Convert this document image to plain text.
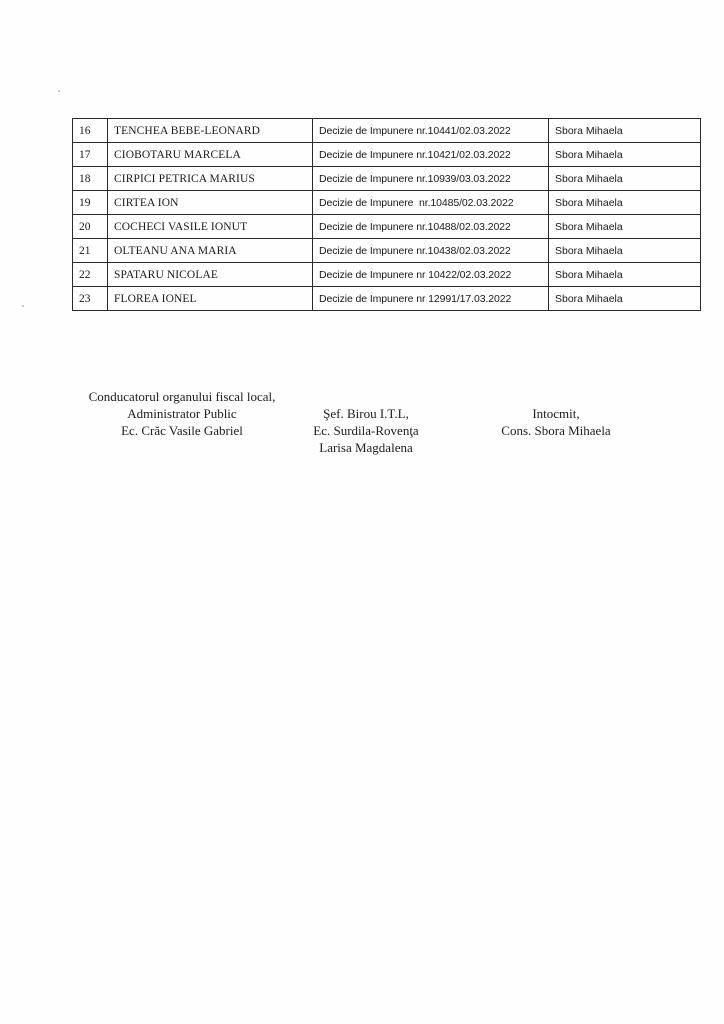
16	TENCHEA BEBE-LEONARD	Decizie de Impunere nr.10441/02.03.2022	Sbora Mihaela
17	CIOBOTARU MARCELA	Decizie de Impunere nr.10421/02.03.2022	Sbora Mihaela
18	CIRPICI PETRICA MARIUS	Decizie de Impunere nr.10939/03.03.2022	Sbora Mihaela
19	CIRTEA ION	Decizie de Impunere  nr.10485/02.03.2022	Sbora Mihaela
20	COCHECI VASILE IONUT	Decizie de Impunere nr.10488/02.03.2022	Sbora Mihaela
21	OLTEANU ANA MARIA	Decizie de Impunere nr.10438/02.03.2022	Sbora Mihaela
22	SPATARU NICOLAE	Decizie de Impunere nr 10422/02.03.2022	Sbora Mihaela
23	FLOREA IONEL	Decizie de Impunere nr 12991/17.03.2022	Sbora Mihaela
Conducatorul organului fiscal local,
Administrator Public
Ec. Crăc Vasile Gabriel
Şef. Birou I.T.L,
Ec. Surdila-Rovenţa
Larisa Magdalena
Intocmit,
Cons. Sbora Mihaela
